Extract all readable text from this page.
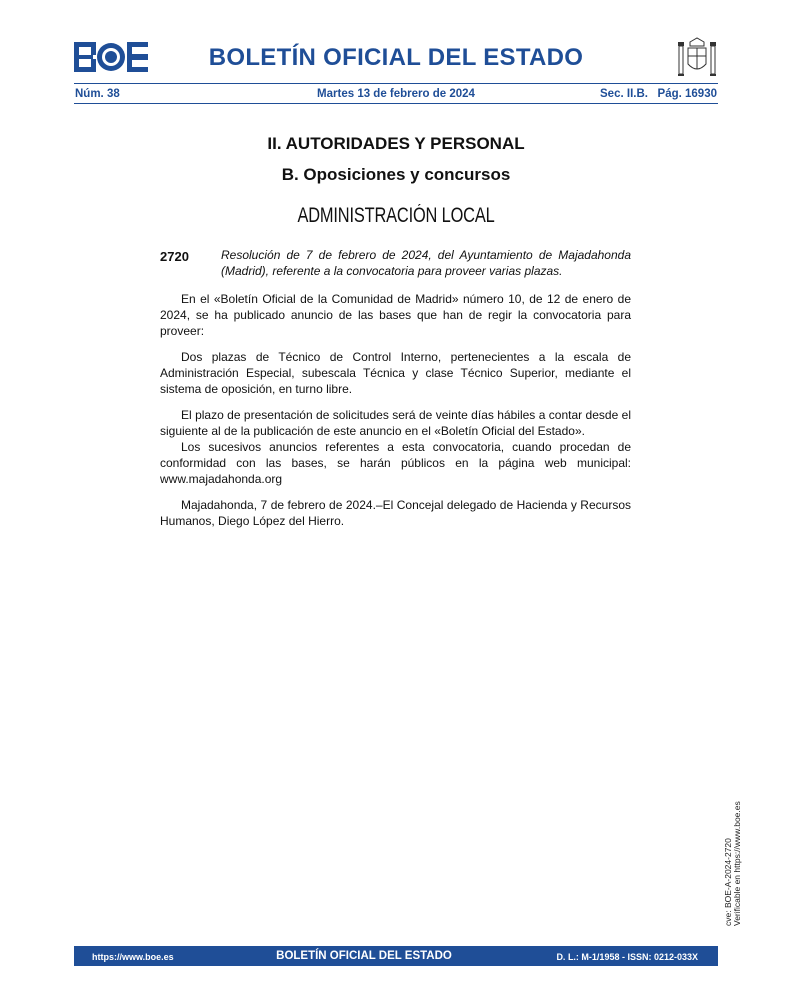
BOLETÍN OFICIAL DEL ESTADO
Núm. 38	Martes 13 de febrero de 2024	Sec. II.B.   Pág. 16930
II. AUTORIDADES Y PERSONAL
B. Oposiciones y concursos
ADMINISTRACIÓN LOCAL
2720	Resolución de 7 de febrero de 2024, del Ayuntamiento de Majadahonda (Madrid), referente a la convocatoria para proveer varias plazas.

En el «Boletín Oficial de la Comunidad de Madrid» número 10, de 12 de enero de 2024, se ha publicado anuncio de las bases que han de regir la convocatoria para proveer:

Dos plazas de Técnico de Control Interno, pertenecientes a la escala de Administración Especial, subescala Técnica y clase Técnico Superior, mediante el sistema de oposición, en turno libre.

El plazo de presentación de solicitudes será de veinte días hábiles a contar desde el siguiente al de la publicación de este anuncio en el «Boletín Oficial del Estado».

Los sucesivos anuncios referentes a esta convocatoria, cuando procedan de conformidad con las bases, se harán públicos en la página web municipal: www.majadahonda.org

Majadahonda, 7 de febrero de 2024.–El Concejal delegado de Hacienda y Recursos Humanos, Diego López del Hierro.

cve: BOE-A-2024-2720 Verificable en https://www.boe.es
https://www.boe.es	BOLETÍN OFICIAL DEL ESTADO	D. L.: M-1/1958 - ISSN: 0212-033X
